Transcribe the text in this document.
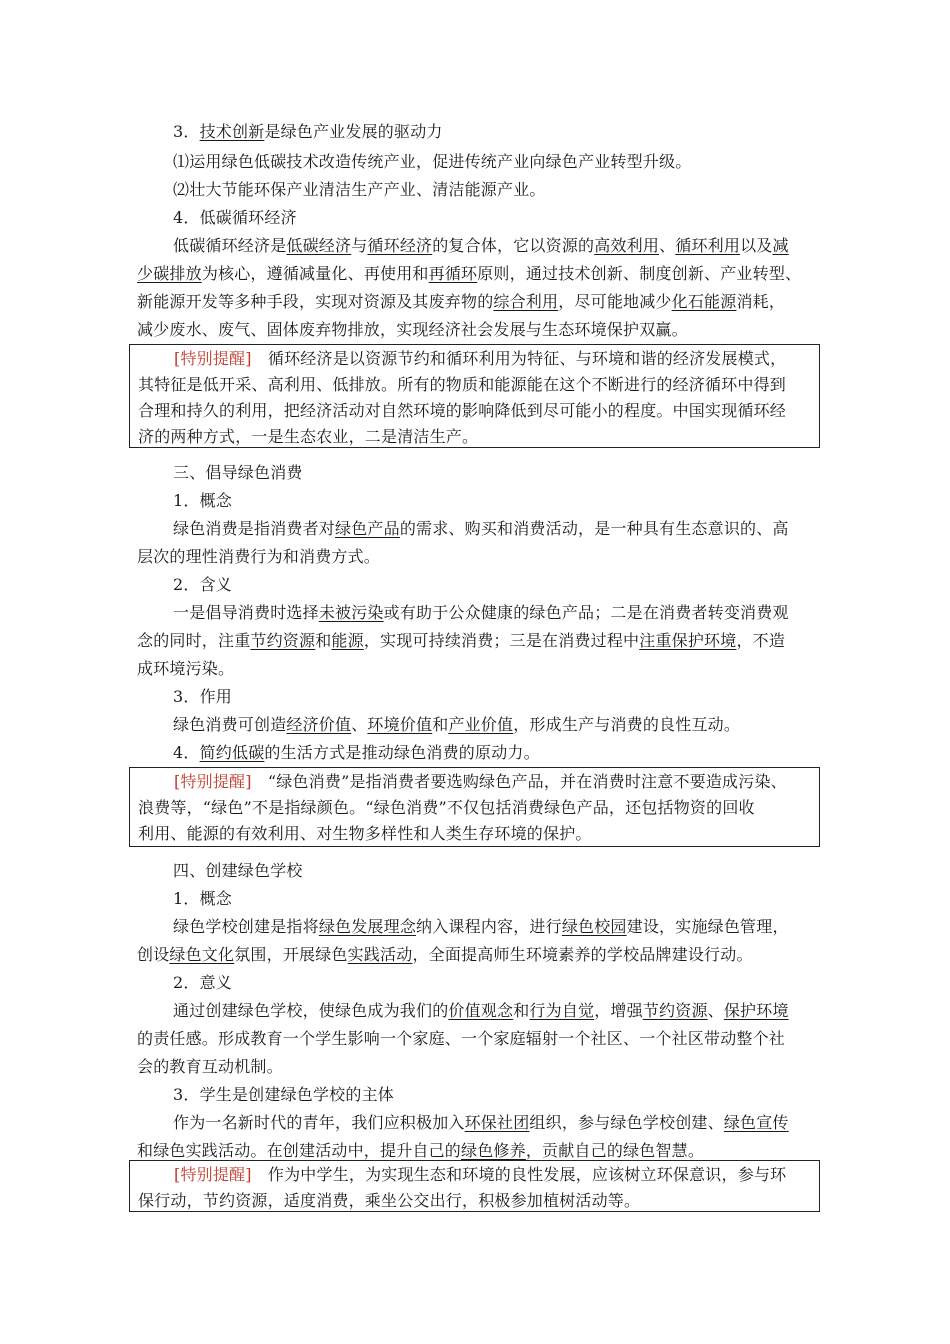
3．技术创新是绿色产业发展的驱动力
⑴运用绿色低碳技术改造传统产业，促进传统产业向绿色产业转型升级。
⑵壮大节能环保产业清洁生产产业、清洁能源产业。
4．低碳循环经济
低碳循环经济是低碳经济与循环经济的复合体，它以资源的高效利用、循环利用以及减
少碳排放为核心，遵循减量化、再使用和再循环原则，通过技术创新、制度创新、产业转型、
新能源开发等多种手段，实现对资源及其废弃物的综合利用，尽可能地减少化石能源消耗，
减少废水、废气、固体废弃物排放，实现经济社会发展与生态环境保护双赢。
[特别提醒]　 循环经济是以资源节约和循环利用为特征、与环境和谐的经济发展模式，
其特征是低开采、高利用、低排放。所有的物质和能源能在这个不断进行的经济循环中得到
合理和持久的利用，把经济活动对自然环境的影响降低到尽可能小的程度。中国实现循环经
济的两种方式，一是生态农业，二是清洁生产。
三、倡导绿色消费
1．概念
绿色消费是指消费者对绿色产品的需求、购买和消费活动，是一种具有生态意识的、高
层次的理性消费行为和消费方式。
2．含义
一是倡导消费时选择未被污染或有助于公众健康的绿色产品；二是在消费者转变消费观
念的同时，注重节约资源和能源，实现可持续消费；三是在消费过程中注重保护环境，不造
成环境污染。
3．作用
绿色消费可创造经济价值、环境价值和产业价值，形成生产与消费的良性互动。
4．简约低碳的生活方式是推动绿色消费的原动力。
[特别提醒]　 “绿色消费”是指消费者要选购绿色产品，并在消费时注意不要造成污染、
浪费等，“绿色”不是指绿颜色。“绿色消费”不仅包括消费绿色产品，还包括物资的回收
利用、能源的有效利用、对生物多样性和人类生存环境的保护。
四、创建绿色学校
1．概念
绿色学校创建是指将绿色发展理念纳入课程内容，进行绿色校园建设，实施绿色管理，
创设绿色文化氛围，开展绿色实践活动，全面提高师生环境素养的学校品牌建设行动。
2．意义
通过创建绿色学校，使绿色成为我们的价值观念和行为自觉，增强节约资源、保护环境
的责任感。形成教育一个学生影响一个家庭、一个家庭辐射一个社区、一个社区带动整个社
会的教育互动机制。
3．学生是创建绿色学校的主体
作为一名新时代的青年，我们应积极加入环保社团组织，参与绿色学校创建、绿色宣传
和绿色实践活动。在创建活动中，提升自己的绿色修养，贡献自己的绿色智慧。
[特别提醒]　 作为中学生，为实现生态和环境的良性发展，应该树立环保意识，参与环
保行动，节约资源，适度消费，乘坐公交出行，积极参加植树活动等。
